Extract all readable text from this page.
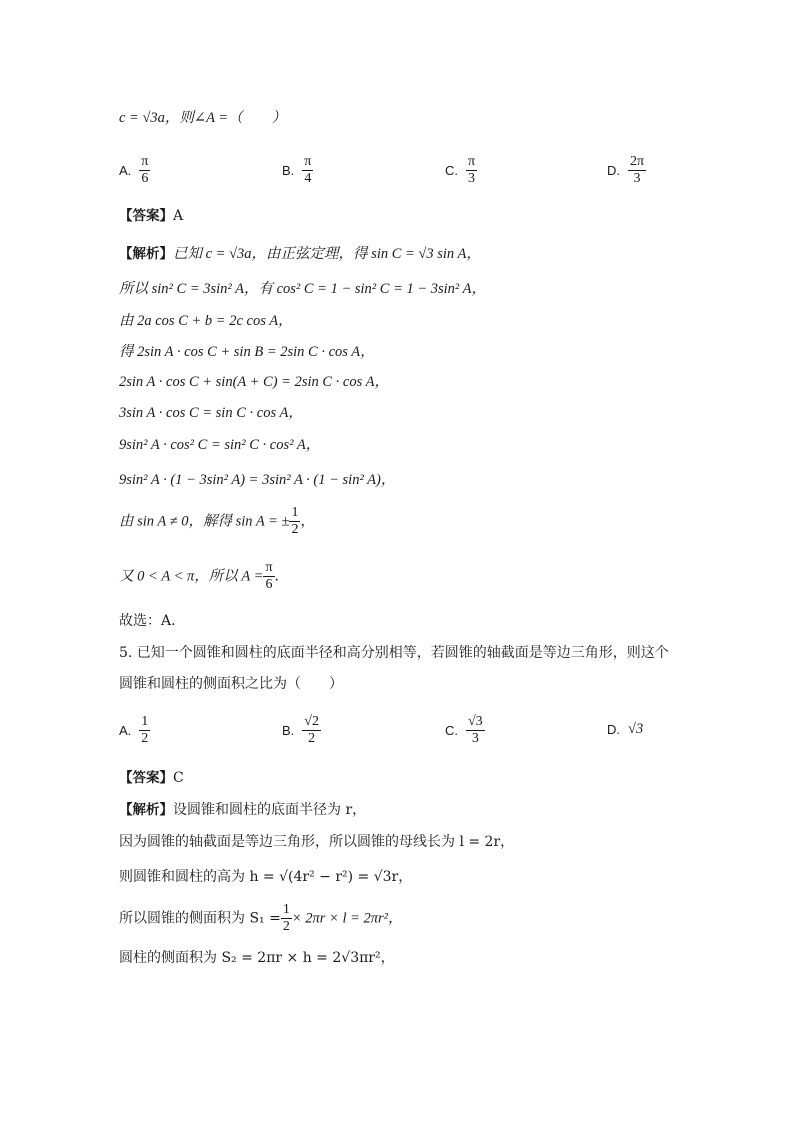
c = √3a，则∠A =（　　）
A. $\frac{\pi}{6}$	B. $\frac{\pi}{4}$	C. $\frac{\pi}{3}$	D. $\frac{2\pi}{3}$
【答案】A
【解析】已知 c = √3a，由正弦定理，得 sin C = √3 sin A，
所以 sin² C = 3sin² A，有 cos² C = 1 − sin² C = 1 − 3sin² A，
由 2a cos C + b = 2c cos A，
得 2sin A · cos C + sin B = 2sin C · cos A，
2sin A · cos C + sin(A + C) = 2sin C · cos A，
3sin A · cos C = sin C · cos A，
9sin² A · cos² C = sin² C · cos² A，
9sin² A · (1 − 3sin² A) = 3sin² A · (1 − sin² A)，
由 sin A ≠ 0，解得 sin A = ± $\frac{1}{2}$ ，
又 0 < A < π，所以 $A = \frac{\pi}{6}$ .
故选：A.
5. 已知一个圆锥和圆柱的底面半径和高分别相等，若圆锥的轴截面是等边三角形，则这个
圆锥和圆柱的侧面积之比为（　　）
A. $\frac{1}{2}$	B. $\frac{√2}{2}$	C. $\frac{√3}{3}$	D. √3
【答案】C
【解析】设圆锥和圆柱的底面半径为 r，
因为圆锥的轴截面是等边三角形，所以圆锥的母线长为 l = 2r，
则圆锥和圆柱的高为 h = √(4r² − r²) = √3r，
所以圆锥的侧面积为 $S_1 = \frac{1}{2} \times 2\pi r \times l = 2\pi r^2$，
圆柱的侧面积为 S₂ = 2πr × h = 2√3πr²，
